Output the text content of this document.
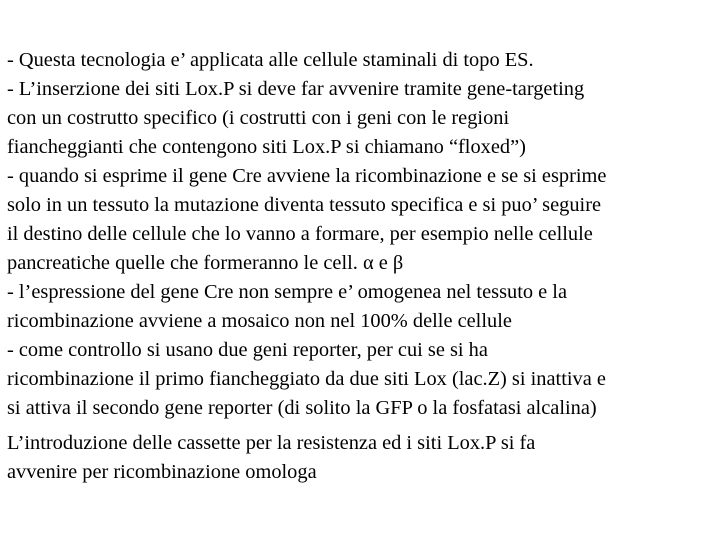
- Questa tecnologia e’ applicata alle cellule staminali di topo ES.
- L’inserzione dei siti Lox.P si deve far avvenire tramite gene-targeting
con un costrutto specifico (i costrutti con i geni con le regioni
fiancheggianti che contengono siti Lox.P si chiamano “floxed”)
- quando si esprime il gene Cre avviene la ricombinazione e se si esprime
solo in un tessuto la mutazione diventa tessuto specifica e si puo’ seguire
il destino delle cellule che lo vanno a formare, per esempio nelle cellule
pancreatiche quelle che formeranno le cell. α e β
- l’espressione del gene Cre non sempre e’ omogenea nel tessuto e la
ricombinazione avviene a mosaico non nel 100% delle cellule
- come controllo si usano due geni reporter, per cui se si ha
ricombinazione il primo fiancheggiato da due siti Lox (lac.Z) si inattiva e
si attiva il secondo gene reporter (di solito la GFP o la fosfatasi alcalina)
L’introduzione delle cassette per la resistenza ed i siti Lox.P si fa
avvenire per ricombinazione omologa
